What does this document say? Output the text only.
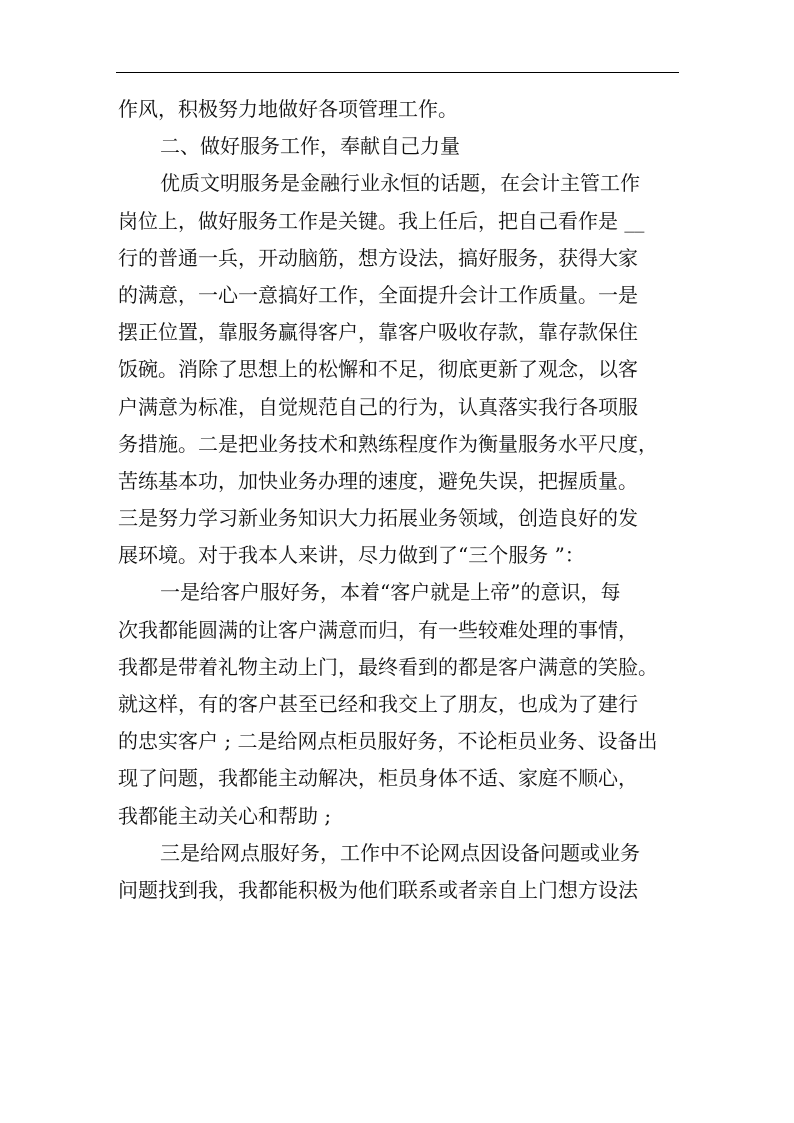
作风，积极努力地做好各项管理工作。
二、做好服务工作，奉献自己力量
优质文明服务是金融行业永恒的话题，在会计主管工作
岗位上，做好服务工作是关键。我上任后，把自己看作是 __
行的普通一兵，开动脑筋，想方设法，搞好服务，获得大家
的满意，一心一意搞好工作，全面提升会计工作质量。一是
摆正位置，靠服务赢得客户，靠客户吸收存款，靠存款保住
饭碗。消除了思想上的松懈和不足，彻底更新了观念，以客
户满意为标准，自觉规范自己的行为，认真落实我行各项服
务措施。二是把业务技术和熟练程度作为衡量服务水平尺度，
苦练基本功，加快业务办理的速度，避免失误，把握质量。
三是努力学习新业务知识大力拓展业务领域，创造良好的发
展环境。对于我本人来讲，尽力做到了“三个服务 ”：
一是给客户服好务，本着“客户就是上帝”的意识，每
次我都能圆满的让客户满意而归，有一些较难处理的事情，
我都是带着礼物主动上门，最终看到的都是客户满意的笑脸。
就这样，有的客户甚至已经和我交上了朋友，也成为了建行
的忠实客户 ; 二是给网点柜员服好务，不论柜员业务、设备出
现了问题，我都能主动解决，柜员身体不适、家庭不顺心，
我都能主动关心和帮助 ;
三是给网点服好务，工作中不论网点因设备问题或业务
问题找到我，我都能积极为他们联系或者亲自上门想方设法
